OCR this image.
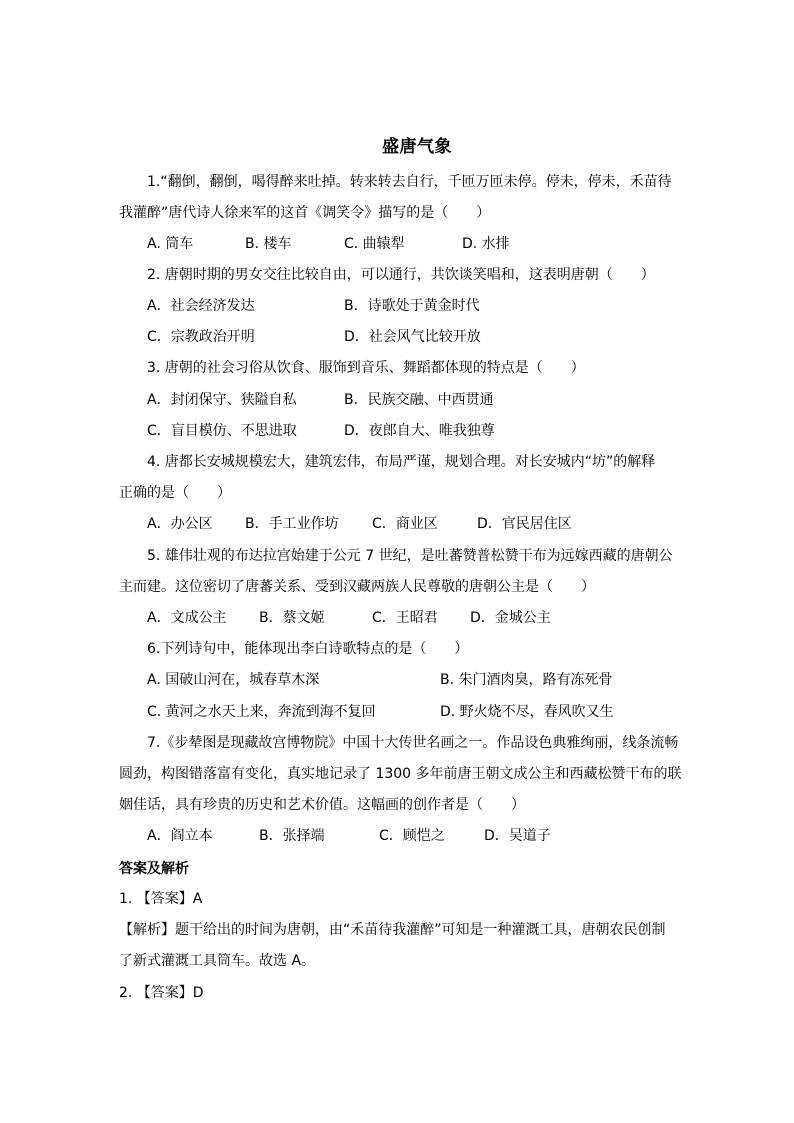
盛唐气象
1.“翻倒，翻倒，喝得醉来吐掉。转来转去自行，千匝万匝未停。停未，停未，禾苗待
我灌醉”唐代诗人徐来军的这首《调笑令》描写的是（　　）
A. 筒车	B. 楼车	C. 曲辕犁	D. 水排
2. 唐朝时期的男女交往比较自由，可以通行，共饮谈笑唱和，这表明唐朝（　　）
A．社会经济发达	B．诗歌处于黄金时代
C．宗教政治开明	D．社会风气比较开放
3. 唐朝的社会习俗从饮食、服饰到音乐、舞蹈都体现的特点是（　　）
A．封闭保守、狭隘自私	B．民族交融、中西贯通
C．盲目模仿、不思进取	D．夜郎自大、唯我独尊
4. 唐都长安城规模宏大，建筑宏伟，布局严谨，规划合理。对长安城内“坊”的解释
正确的是（　　）
A．办公区 B．手工业作坊 C．商业区	D．官民居住区
5. 雄伟壮观的布达拉宫始建于公元 7 世纪，是吐蕃赞普松赞干布为远嫁西藏的唐朝公
主而建。这位密切了唐蕃关系、受到汉藏两族人民尊敬的唐朝公主是（　　）
A．文成公主 B．蔡文姬	C．王昭君 D．金城公主
6.下列诗句中，能体现出李白诗歌特点的是（　　）
A. 国破山河在，城春草木深	B. 朱门酒肉臭，路有冻死骨
C. 黄河之水天上来，奔流到海不复回	D. 野火烧不尽，春风吹又生
7.《步辇图是现藏故宫博物院》中国十大传世名画之一。作品设色典雅绚丽，线条流畅
圆劲，构图错落富有变化，真实地记录了 1300 多年前唐王朝文成公主和西藏松赞干布的联
姻佳话，具有珍贵的历史和艺术价值。这幅画的创作者是（　　）
A．阎立本	B．张择端	C．顾恺之	D．吴道子
答案及解析
1. 【答案】A
【解析】题干给出的时间为唐朝，由“禾苗待我灌醉”可知是一种灌溉工具，唐朝农民创制
了新式灌溉工具筒车。故选 A。
2. 【答案】D
